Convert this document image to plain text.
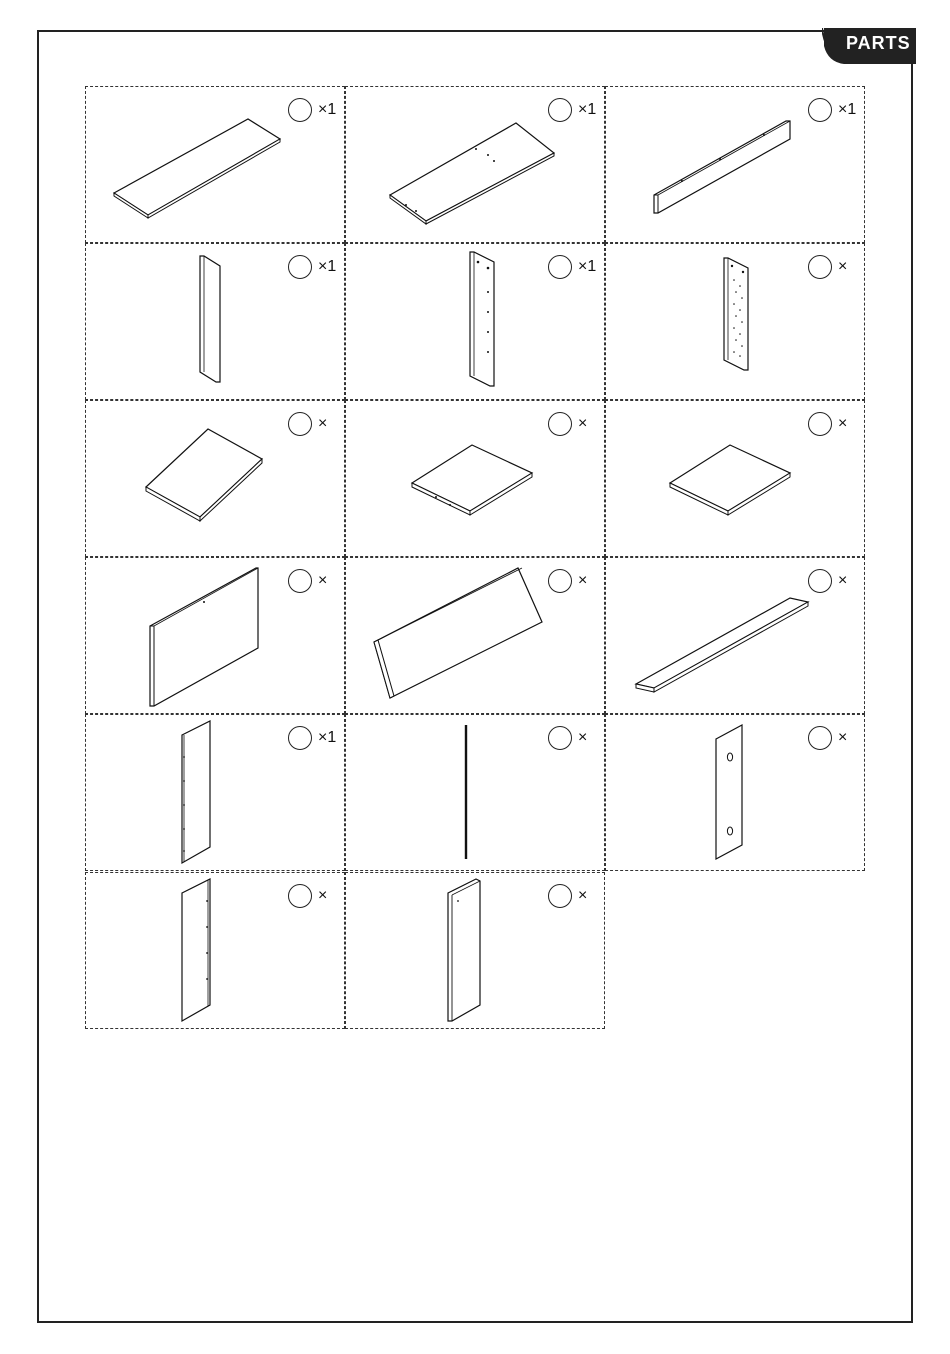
PARTS
×1	×1	×1
×1	×1	×
×	×	×
×	×	×
×1	×	×
×	×
